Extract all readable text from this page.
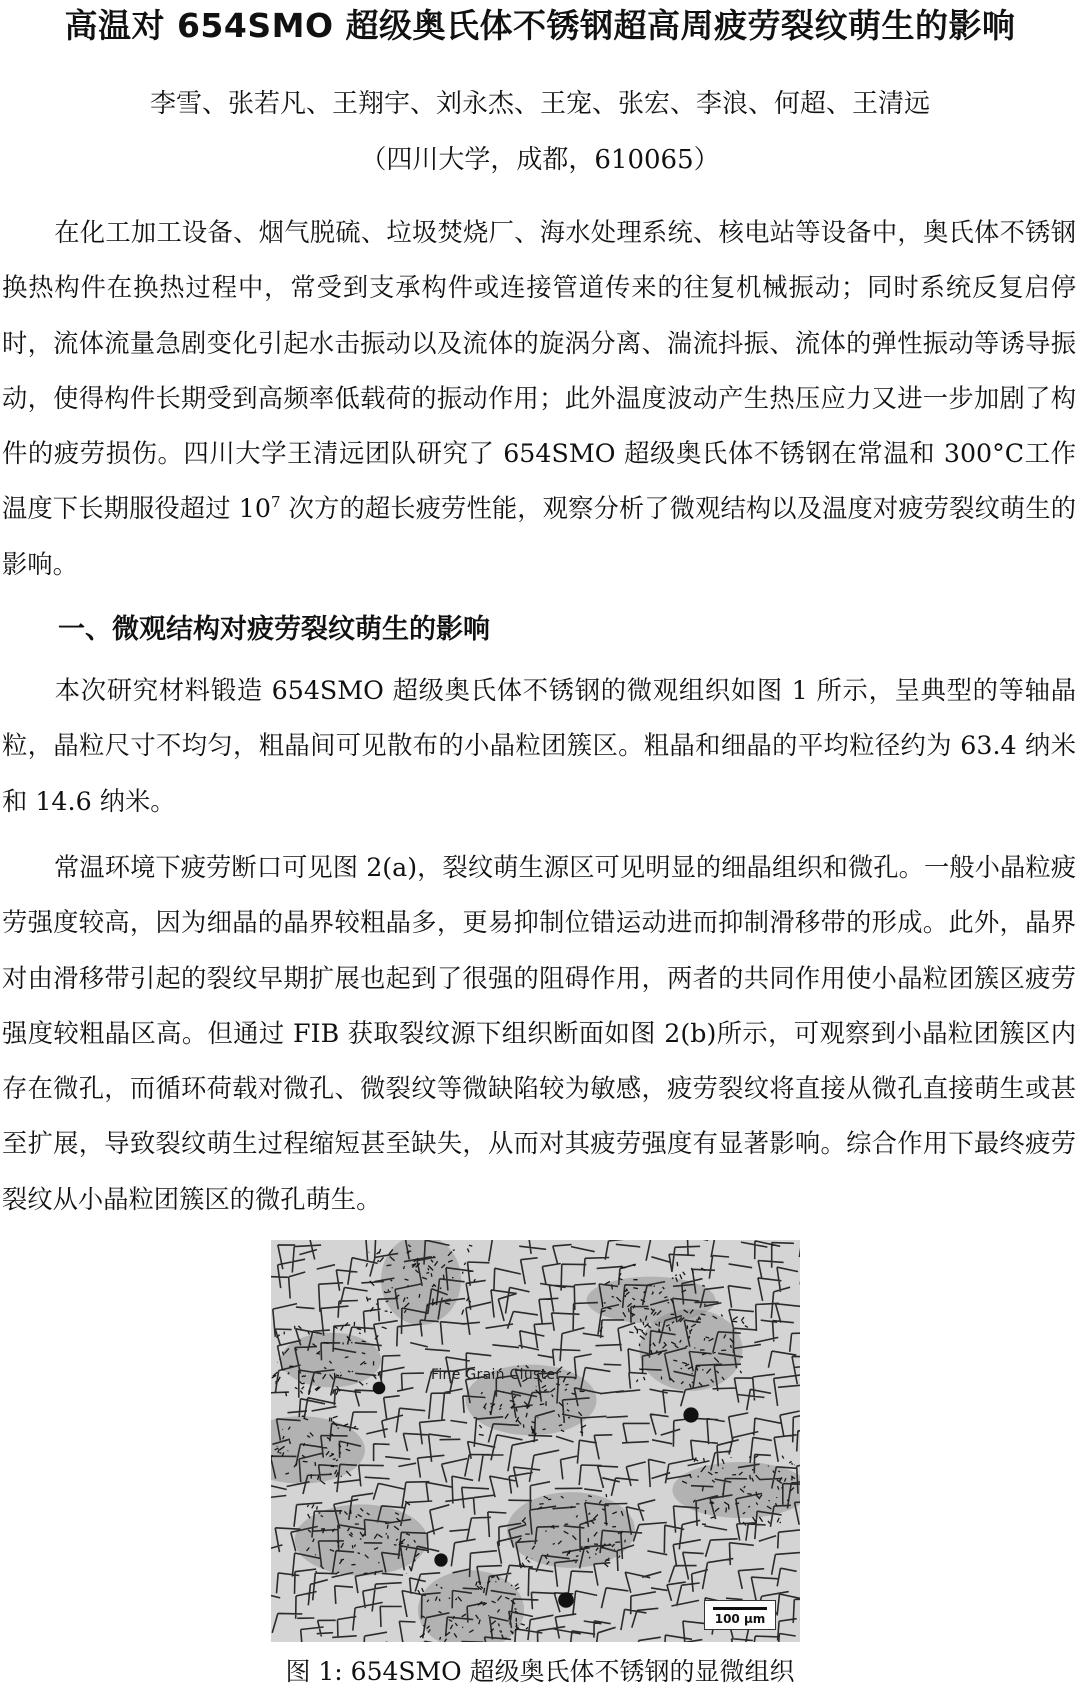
高温对 654SMO 超级奥氏体不锈钢超高周疲劳裂纹萌生的影响
李雪、张若凡、王翔宇、刘永杰、王宠、张宏、李浪、何超、王清远
（四川大学，成都，610065）

在化工加工设备、烟气脱硫、垃圾焚烧厂、海水处理系统、核电站等设备中，奥氏体不锈钢换热构件在换热过程中，常受到支承构件或连接管道传来的往复机械振动；同时系统反复启停时，流体流量急剧变化引起水击振动以及流体的旋涡分离、湍流抖振、流体的弹性振动等诱导振动，使得构件长期受到高频率低载荷的振动作用；此外温度波动产生热压应力又进一步加剧了构件的疲劳损伤。四川大学王清远团队研究了 654SMO 超级奥氏体不锈钢在常温和 300°C工作温度下长期服役超过 $10^7$ 次方的超长疲劳性能，观察分析了微观结构以及温度对疲劳裂纹萌生的影响。

一、微观结构对疲劳裂纹萌生的影响

本次研究材料锻造 654SMO 超级奥氏体不锈钢的微观组织如图 1 所示，呈典型的等轴晶粒，晶粒尺寸不均匀，粗晶间可见散布的小晶粒团簇区。粗晶和细晶的平均粒径约为 63.4 纳米和 14.6 纳米。

常温环境下疲劳断口可见图 2(a)，裂纹萌生源区可见明显的细晶组织和微孔。一般小晶粒疲劳强度较高，因为细晶的晶界较粗晶多，更易抑制位错运动进而抑制滑移带的形成。此外，晶界对由滑移带引起的裂纹早期扩展也起到了很强的阻碍作用，两者的共同作用使小晶粒团簇区疲劳强度较粗晶区高。但通过 FIB 获取裂纹源下组织断面如图 2(b)所示，可观察到小晶粒团簇区内存在微孔，而循环荷载对微孔、微裂纹等微缺陷较为敏感，疲劳裂纹将直接从微孔直接萌生或甚至扩展，导致裂纹萌生过程缩短甚至缺失，从而对其疲劳强度有显著影响。综合作用下最终疲劳裂纹从小晶粒团簇区的微孔萌生。

Fine Grain Cluster
100 μm
图 1: 654SMO 超级奥氏体不锈钢的显微组织
